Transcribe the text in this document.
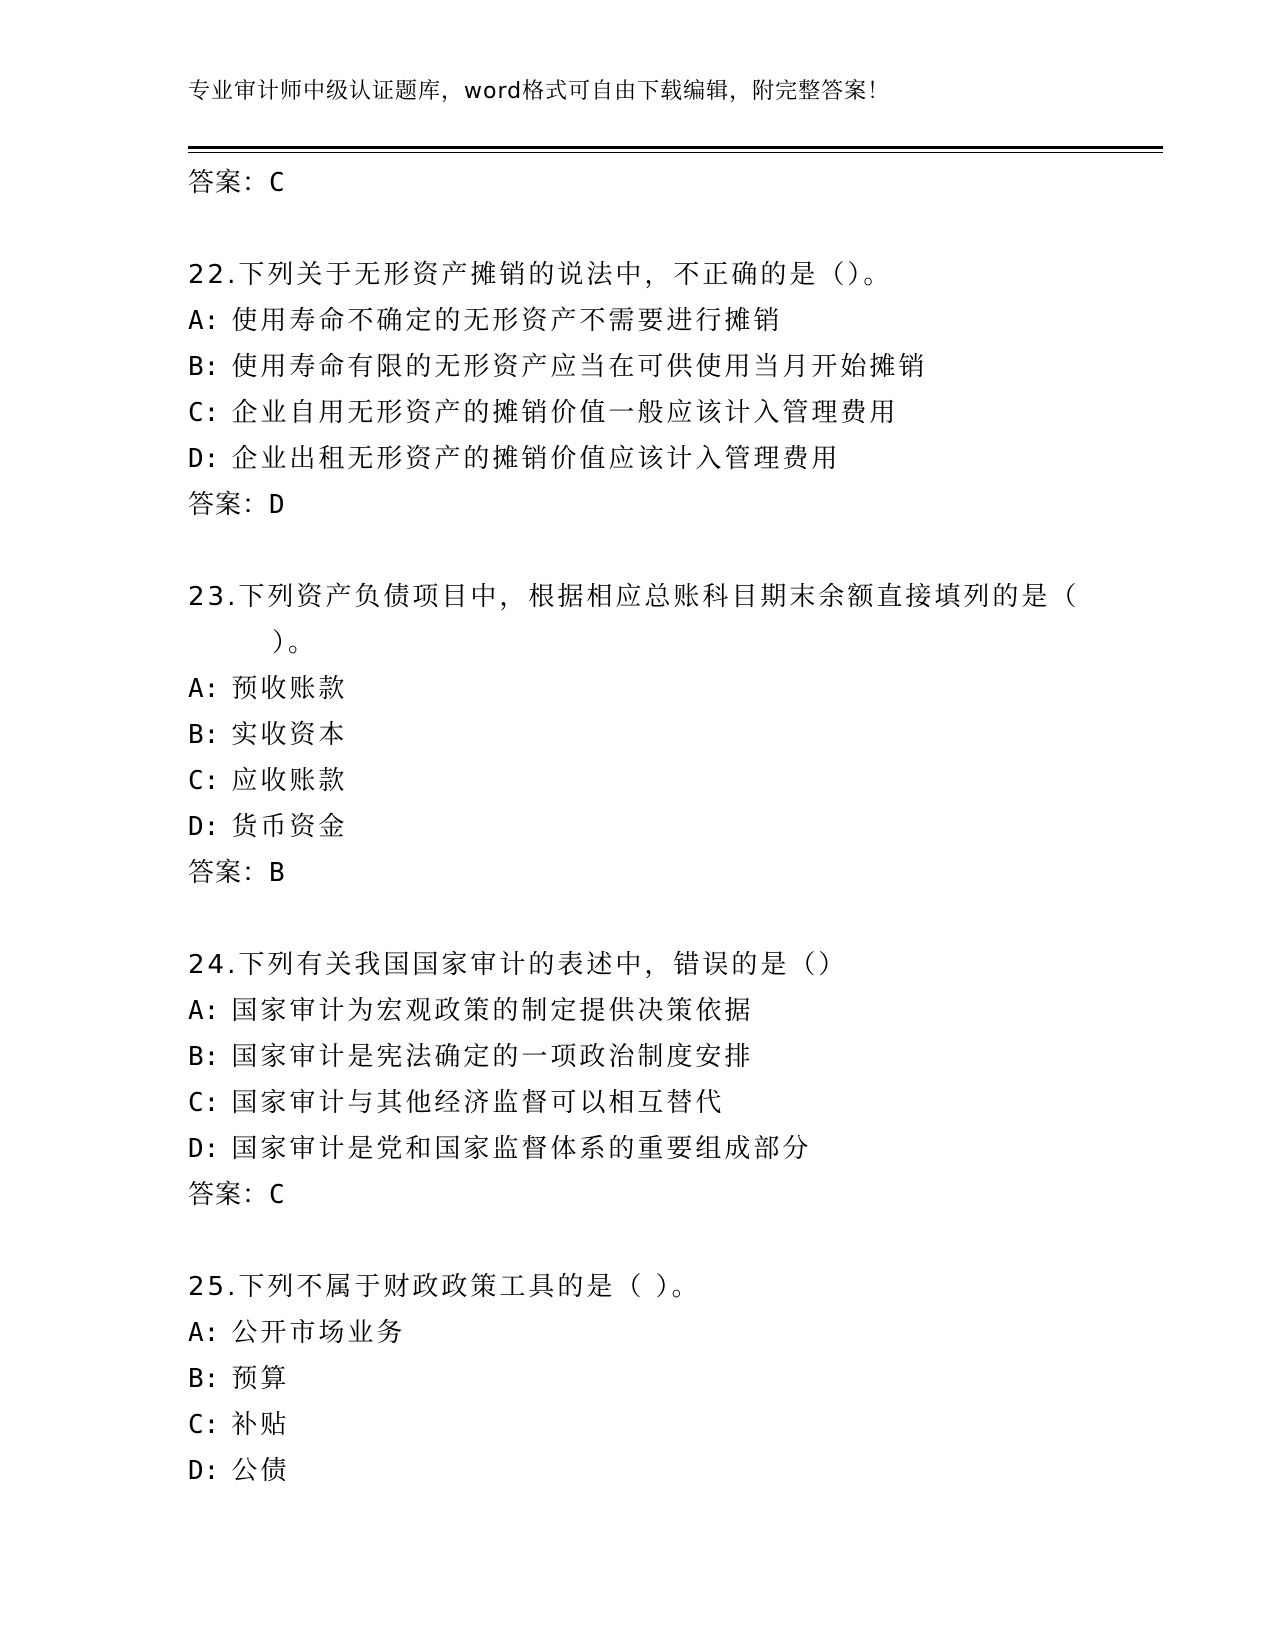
专业审计师中级认证题库，word格式可自由下载编辑，附完整答案！
答案：C
22.下列关于无形资产摊销的说法中，不正确的是（）。
A: 使用寿命不确定的无形资产不需要进行摊销
B: 使用寿命有限的无形资产应当在可供使用当月开始摊销
C: 企业自用无形资产的摊销价值一般应该计入管理费用
D: 企业出租无形资产的摊销价值应该计入管理费用
答案：D
23.下列资产负债项目中，根据相应总账科目期末余额直接填列的是（
）。
A: 预收账款
B: 实收资本
C: 应收账款
D: 货币资金
答案：B
24.下列有关我国国家审计的表述中，错误的是（）
A: 国家审计为宏观政策的制定提供决策依据
B: 国家审计是宪法确定的一项政治制度安排
C: 国家审计与其他经济监督可以相互替代
D: 国家审计是党和国家监督体系的重要组成部分
答案：C
25.下列不属于财政政策工具的是（ ）。
A: 公开市场业务
B: 预算
C: 补贴
D: 公债
